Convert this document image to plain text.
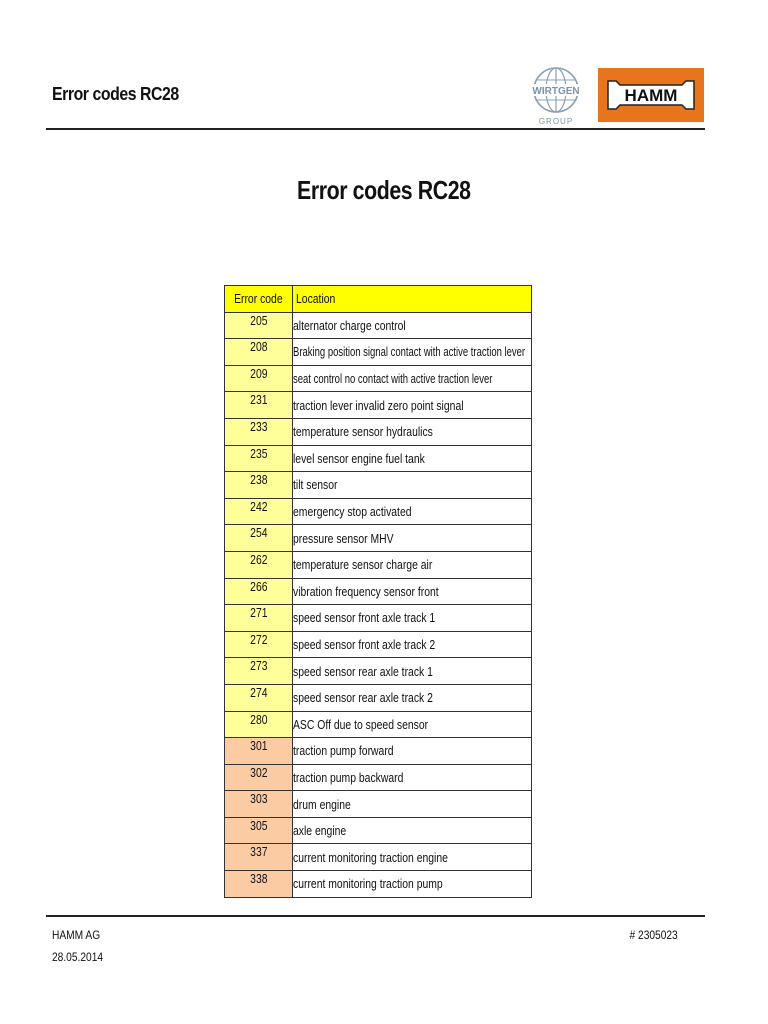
Error codes RC28	WIRTGEN
GROUP
HAMM
Error codes RC28
Error code	Location
205	alternator charge control
208	Braking position signal contact with active traction lever
209	seat control no contact with active traction lever
231	traction lever invalid zero point signal
233	temperature sensor hydraulics
235	level sensor engine fuel tank
238	tilt sensor
242	emergency stop activated
254	pressure sensor MHV
262	temperature sensor charge air
266	vibration frequency sensor front
271	speed sensor front axle track 1
272	speed sensor front axle track 2
273	speed sensor rear axle track 1
274	speed sensor rear axle track 2
280	ASC Off due to speed sensor
301	traction pump forward
302	traction pump backward
303	drum engine
305	axle engine
337	current monitoring traction engine
338	current monitoring traction pump
HAMM AG
28.05.2014
# 2305023
